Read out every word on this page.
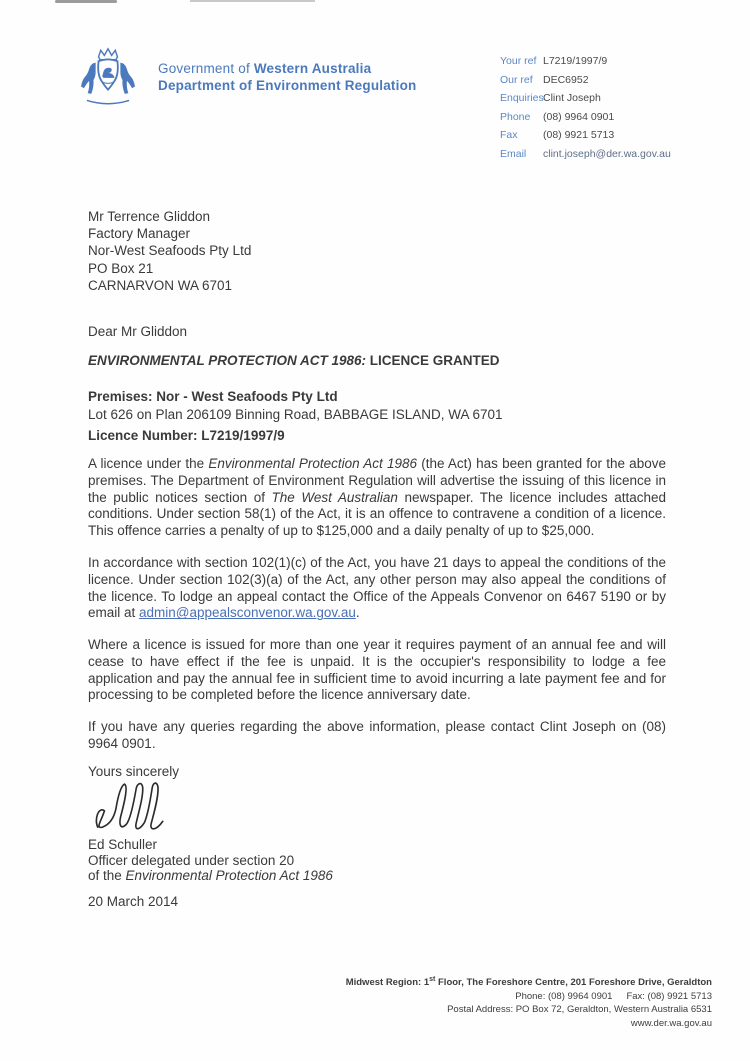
Government of Western Australia
Department of Environment Regulation
Your ref L7219/1997/9
Our ref DEC6952
Enquiries Clint Joseph
Phone	(08) 9964 0901
Fax	(08) 9921 5713
Email	clint.joseph@der.wa.gov.au
Mr Terrence Gliddon
Factory Manager
Nor-West Seafoods Pty Ltd
PO Box 21
CARNARVON WA 6701
Dear Mr Gliddon
ENVIRONMENTAL PROTECTION ACT 1986: LICENCE GRANTED
Premises: Nor - West Seafoods Pty Ltd
Lot 626 on Plan 206109 Binning Road, BABBAGE ISLAND, WA 6701
Licence Number: L7219/1997/9
A licence under the Environmental Protection Act 1986 (the Act) has been granted for the above premises. The Department of Environment Regulation will advertise the issuing of this licence in the public notices section of The West Australian newspaper. The licence includes attached conditions. Under section 58(1) of the Act, it is an offence to contravene a condition of a licence. This offence carries a penalty of up to $125,000 and a daily penalty of up to $25,000.
In accordance with section 102(1)(c) of the Act, you have 21 days to appeal the conditions of the licence. Under section 102(3)(a) of the Act, any other person may also appeal the conditions of the licence. To lodge an appeal contact the Office of the Appeals Convenor on 6467 5190 or by email at admin@appealsconvenor.wa.gov.au.
Where a licence is issued for more than one year it requires payment of an annual fee and will cease to have effect if the fee is unpaid. It is the occupier's responsibility to lodge a fee application and pay the annual fee in sufficient time to avoid incurring a late payment fee and for processing to be completed before the licence anniversary date.
If you have any queries regarding the above information, please contact Clint Joseph on (08) 9964 0901.
Yours sincerely
Ed Schuller
Officer delegated under section 20
of the Environmental Protection Act 1986
20 March 2014
Midwest Region: 1st Floor, The Foreshore Centre, 201 Foreshore Drive, Geraldton
Phone: (08) 9964 0901 Fax: (08) 9921 5713
Postal Address: PO Box 72, Geraldton, Western Australia 6531
www.der.wa.gov.au
